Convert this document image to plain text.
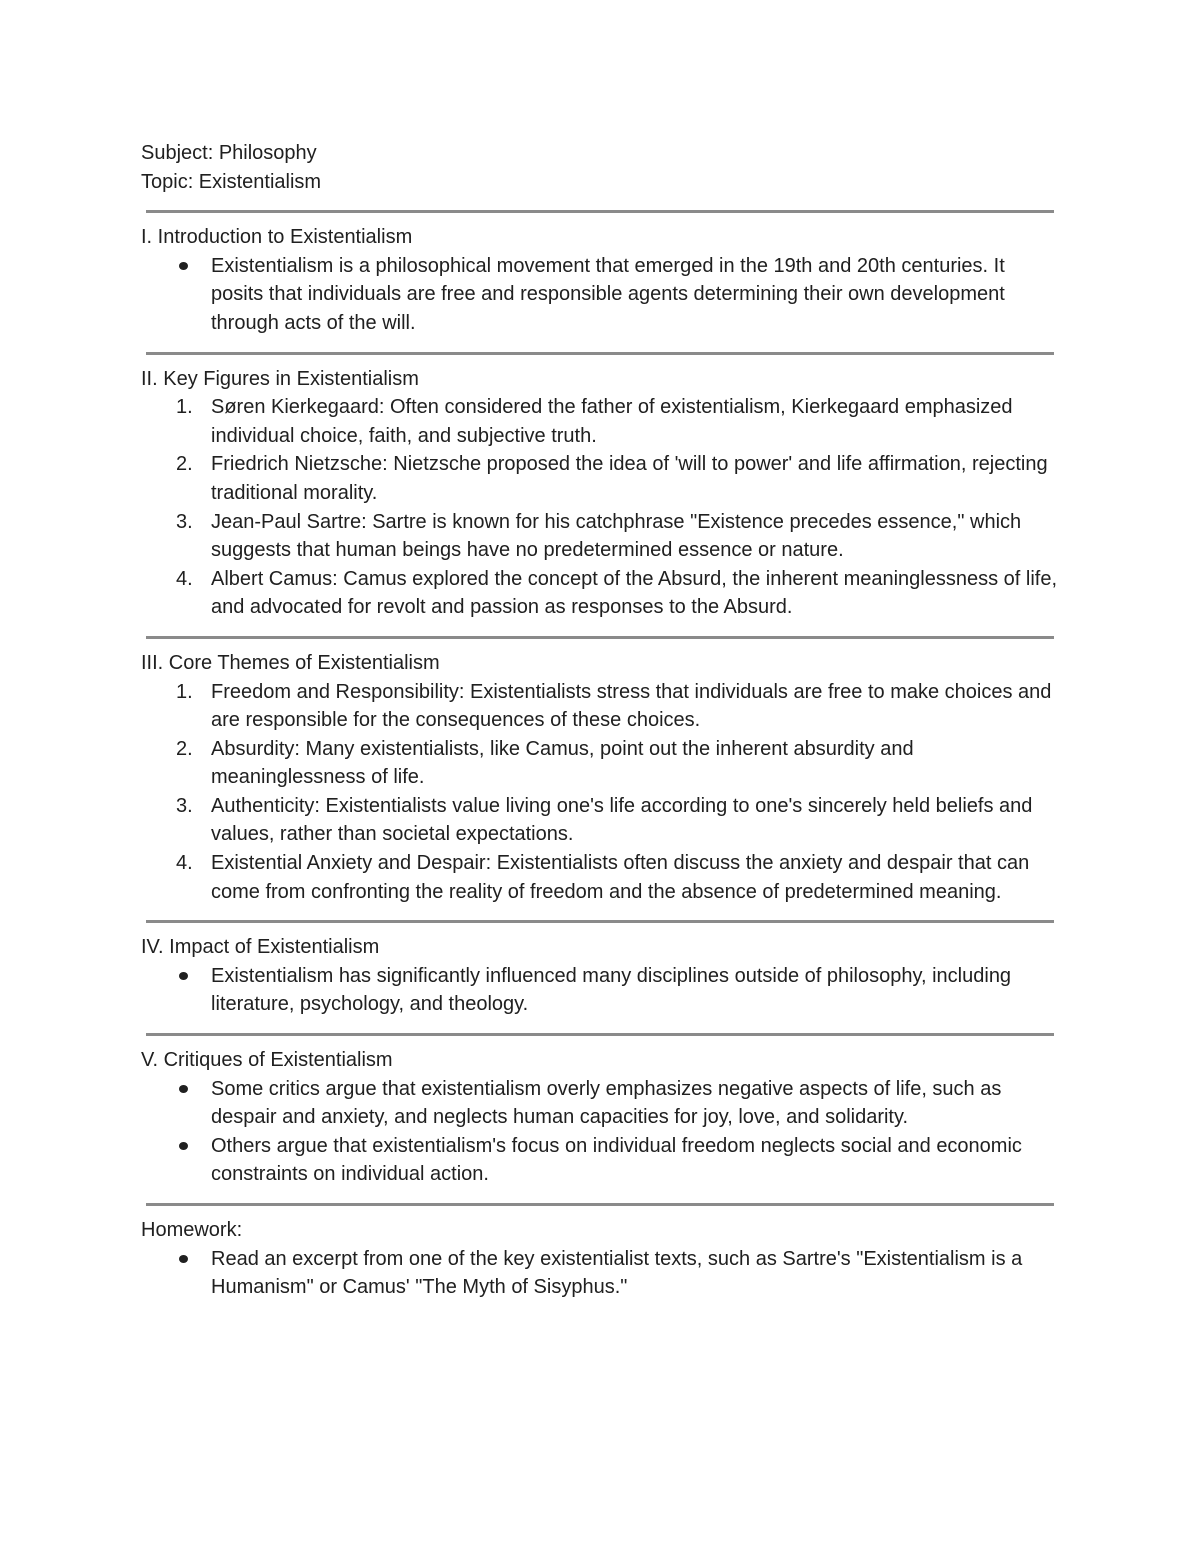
Subject: Philosophy

Topic: Existentialism

I. Introduction to Existentialism

Existentialism is a philosophical movement that emerged in the 19th and 20th centuries. It posits that individuals are free and responsible agents determining their own development through acts of the will.

II. Key Figures in Existentialism

1. Søren Kierkegaard: Often considered the father of existentialism, Kierkegaard emphasized individual choice, faith, and subjective truth.
2. Friedrich Nietzsche: Nietzsche proposed the idea of 'will to power' and life affirmation, rejecting traditional morality.
3. Jean-Paul Sartre: Sartre is known for his catchphrase "Existence precedes essence," which suggests that human beings have no predetermined essence or nature.
4. Albert Camus: Camus explored the concept of the Absurd, the inherent meaninglessness of life, and advocated for revolt and passion as responses to the Absurd.

III. Core Themes of Existentialism

1. Freedom and Responsibility: Existentialists stress that individuals are free to make choices and are responsible for the consequences of these choices.
2. Absurdity: Many existentialists, like Camus, point out the inherent absurdity and meaninglessness of life.
3. Authenticity: Existentialists value living one's life according to one's sincerely held beliefs and values, rather than societal expectations.
4. Existential Anxiety and Despair: Existentialists often discuss the anxiety and despair that can come from confronting the reality of freedom and the absence of predetermined meaning.

IV. Impact of Existentialism

Existentialism has significantly influenced many disciplines outside of philosophy, including literature, psychology, and theology.

V. Critiques of Existentialism

Some critics argue that existentialism overly emphasizes negative aspects of life, such as despair and anxiety, and neglects human capacities for joy, love, and solidarity.
Others argue that existentialism's focus on individual freedom neglects social and economic constraints on individual action.

Homework:

Read an excerpt from one of the key existentialist texts, such as Sartre's "Existentialism is a Humanism" or Camus' "The Myth of Sisyphus."
